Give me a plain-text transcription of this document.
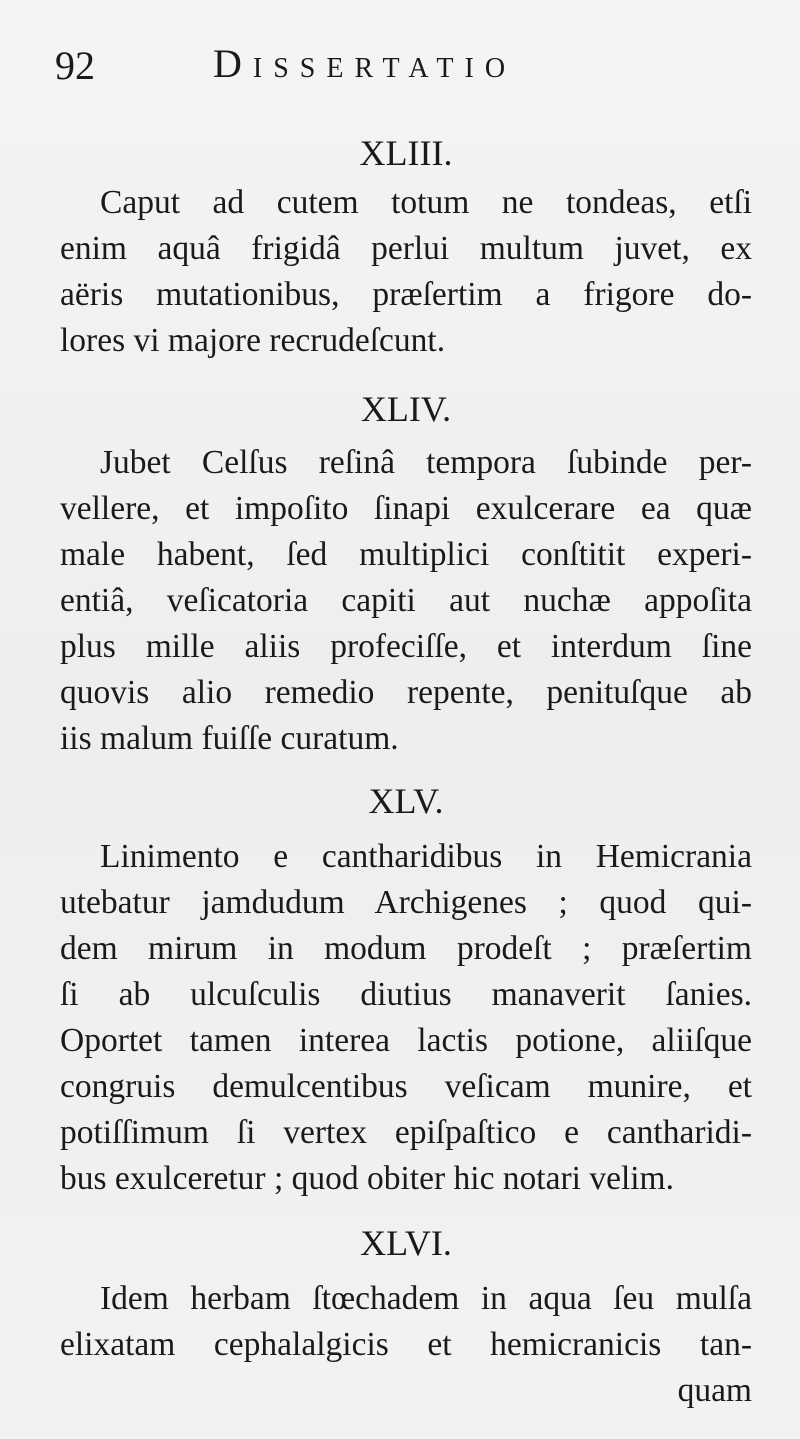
92	Dissertatio
XLIII.
Caput ad cutem totum ne tondeas, etſi
enim aquâ frigidâ perlui multum juvet, ex
aëris mutationibus, præſertim a frigore do-
lores vi majore recrudeſcunt.
XLIV.
Jubet Celſus reſinâ tempora ſubinde per-
vellere, et impoſito ſinapi exulcerare ea quæ
male habent, ſed multiplici conſtitit experi-
entiâ, veſicatoria capiti aut nuchæ appoſita
plus mille aliis profeciſſe, et interdum ſine
quovis alio remedio repente, penituſque ab
iis malum fuiſſe curatum.
XLV.
Linimento e cantharidibus in Hemicrania
utebatur jamdudum Archigenes ; quod qui-
dem mirum in modum prodeſt ; præſertim
ſi ab ulcuſculis diutius manaverit ſanies.
Oportet tamen interea lactis potione, aliiſque
congruis demulcentibus veſicam munire, et
potiſſimum ſi vertex epiſpaſtico e cantharidi-
bus exulceretur ; quod obiter hic notari velim.
XLVI.
Idem herbam ſtœchadem in aqua ſeu mulſa
elixatam cephalalgicis et hemicranicis tan-
quam
